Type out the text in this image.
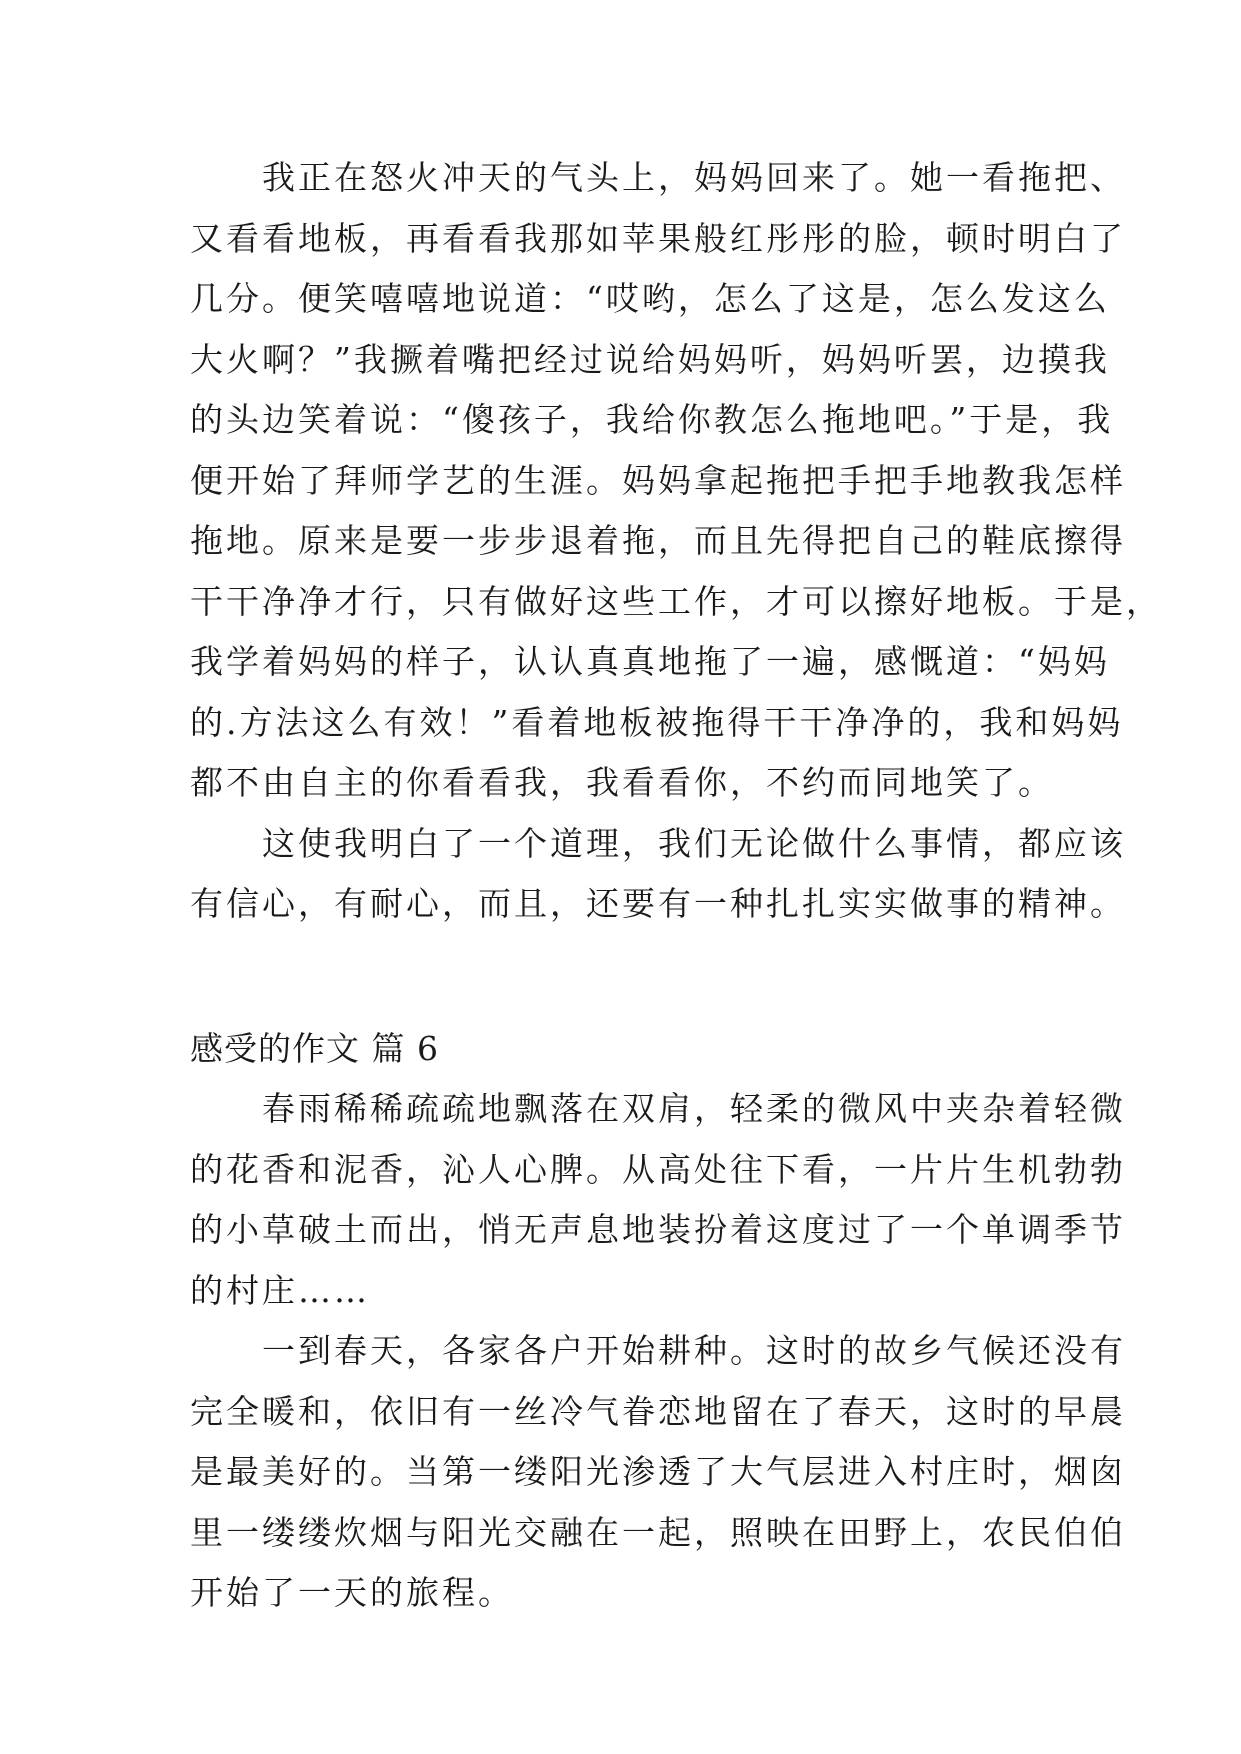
　　我正在怒火冲天的气头上，妈妈回来了。她一看拖把、
又看看地板，再看看我那如苹果般红彤彤的脸，顿时明白了
几分。便笑嘻嘻地说道：“哎哟，怎么了这是，怎么发这么
大火啊？”我撅着嘴把经过说给妈妈听，妈妈听罢，边摸我
的头边笑着说：“傻孩子，我给你教怎么拖地吧。”于是，我
便开始了拜师学艺的生涯。妈妈拿起拖把手把手地教我怎样
拖地。原来是要一步步退着拖，而且先得把自己的鞋底擦得
干干净净才行，只有做好这些工作，才可以擦好地板。于是，
我学着妈妈的样子，认认真真地拖了一遍，感慨道：“妈妈
的.方法这么有效！”看着地板被拖得干干净净的，我和妈妈
都不由自主的你看看我，我看看你，不约而同地笑了。
　　这使我明白了一个道理，我们无论做什么事情，都应该
有信心，有耐心，而且，还要有一种扎扎实实做事的精神。
感受的作文 篇 6
　　春雨稀稀疏疏地飘落在双肩，轻柔的微风中夹杂着轻微
的花香和泥香，沁人心脾。从高处往下看，一片片生机勃勃
的小草破土而出，悄无声息地装扮着这度过了一个单调季节
的村庄……
　　一到春天，各家各户开始耕种。这时的故乡气候还没有
完全暖和，依旧有一丝冷气眷恋地留在了春天，这时的早晨
是最美好的。当第一缕阳光渗透了大气层进入村庄时，烟囱
里一缕缕炊烟与阳光交融在一起，照映在田野上，农民伯伯
开始了一天的旅程。
